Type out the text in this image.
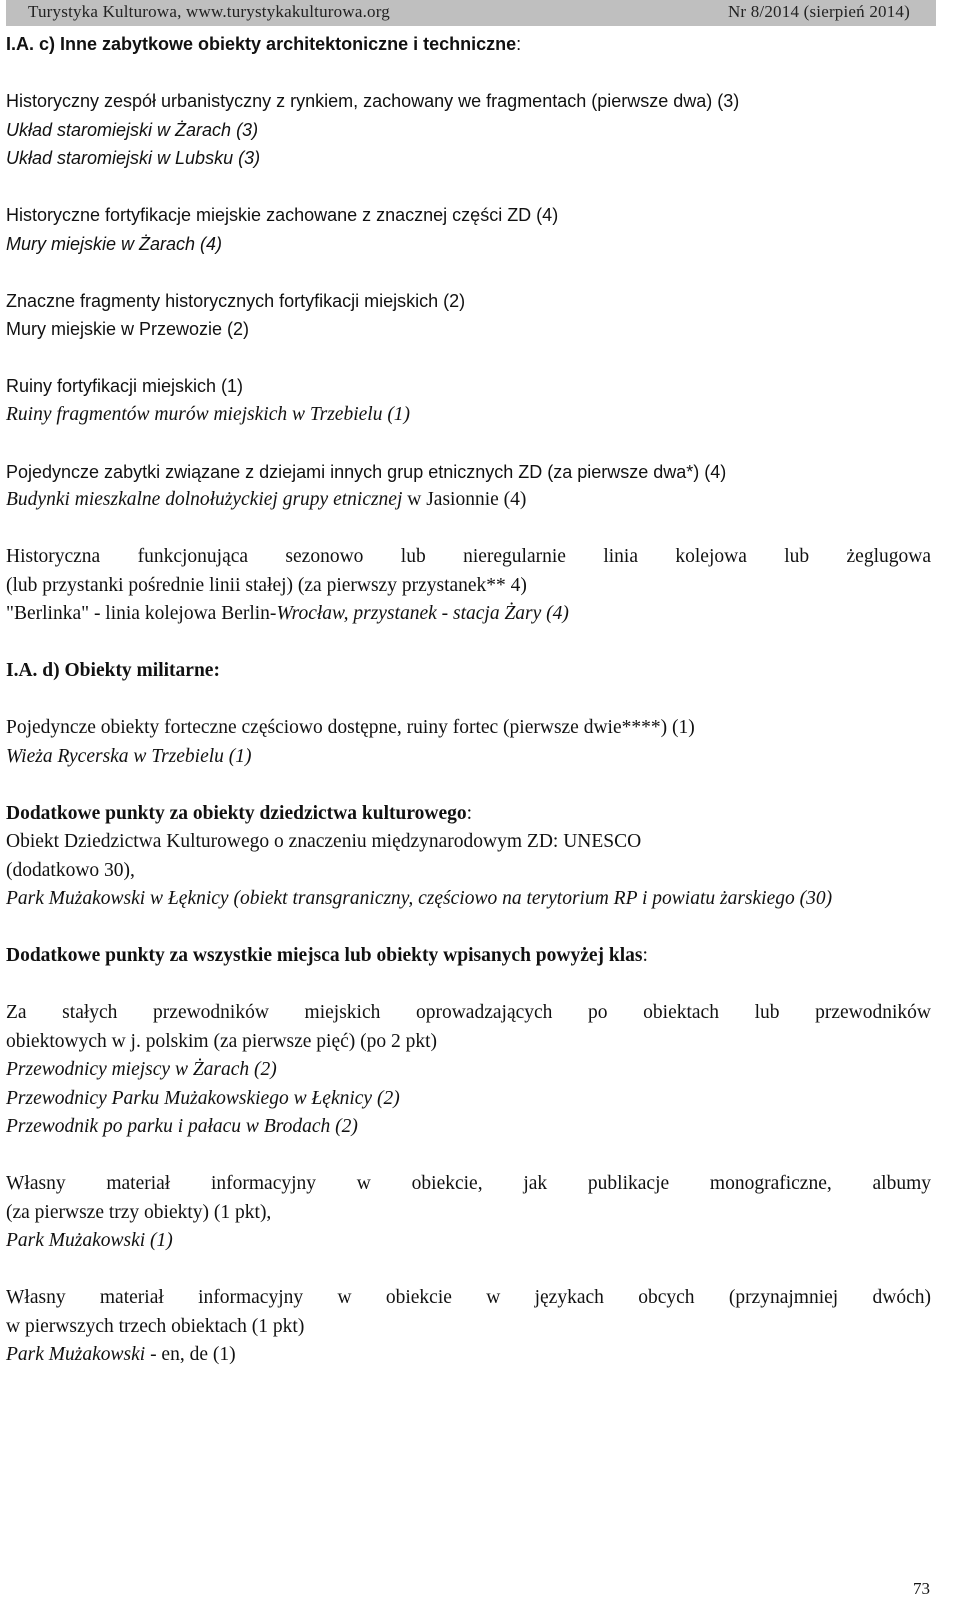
Turystyka Kulturowa, www.turystykakulturowa.org	Nr 8/2014 (sierpień 2014)

I.A. c) Inne zabytkowe obiekty architektoniczne i techniczne:

Historyczny zespół urbanistyczny z rynkiem, zachowany we fragmentach (pierwsze dwa) (3)

Układ staromiejski w Żarach (3)

Układ staromiejski w Lubsku (3)

Historyczne fortyfikacje miejskie zachowane z znacznej części ZD (4)

Mury miejskie w Żarach (4)

Znaczne fragmenty historycznych fortyfikacji miejskich (2)

Mury miejskie w Przewozie (2)

Ruiny fortyfikacji miejskich (1)

Ruiny fragmentów murów miejskich w Trzebielu (1)

Pojedyncze zabytki związane z dziejami innych grup etnicznych ZD (za pierwsze dwa*) (4)

Budynki mieszkalne dolnołużyckiej grupy etnicznej w Jasionnie (4)

Historyczna funkcjonująca sezonowo lub nieregularnie linia kolejowa lub żeglugowa

(lub przystanki pośrednie linii stałej) (za pierwszy przystanek** 4)

"Berlinka" - linia kolejowa Berlin-Wrocław, przystanek - stacja Żary (4)

I.A. d) Obiekty militarne:

Pojedyncze obiekty forteczne częściowo dostępne, ruiny fortec (pierwsze dwie****) (1)

Wieża Rycerska w Trzebielu (1)

Dodatkowe punkty za obiekty dziedzictwa kulturowego:

Obiekt Dziedzictwa Kulturowego o znaczeniu międzynarodowym ZD: UNESCO

(dodatkowo 30),

Park Mużakowski w Łęknicy (obiekt transgraniczny, częściowo na terytorium RP i powiatu żarskiego (30)

Dodatkowe punkty za wszystkie miejsca lub obiekty wpisanych powyżej klas:

Za stałych przewodników miejskich oprowadzających po obiektach lub przewodników

obiektowych w j. polskim (za pierwsze pięć) (po 2 pkt)

Przewodnicy miejscy w Żarach (2)

Przewodnicy Parku Mużakowskiego w Łęknicy (2)

Przewodnik po parku i pałacu w Brodach (2)

Własny materiał informacyjny w obiekcie, jak publikacje monograficzne, albumy

(za pierwsze trzy obiekty) (1 pkt),

Park Mużakowski (1)

Własny materiał informacyjny w obiekcie w językach obcych (przynajmniej dwóch)

w pierwszych trzech obiektach (1 pkt)

Park Mużakowski - en, de (1)

73
